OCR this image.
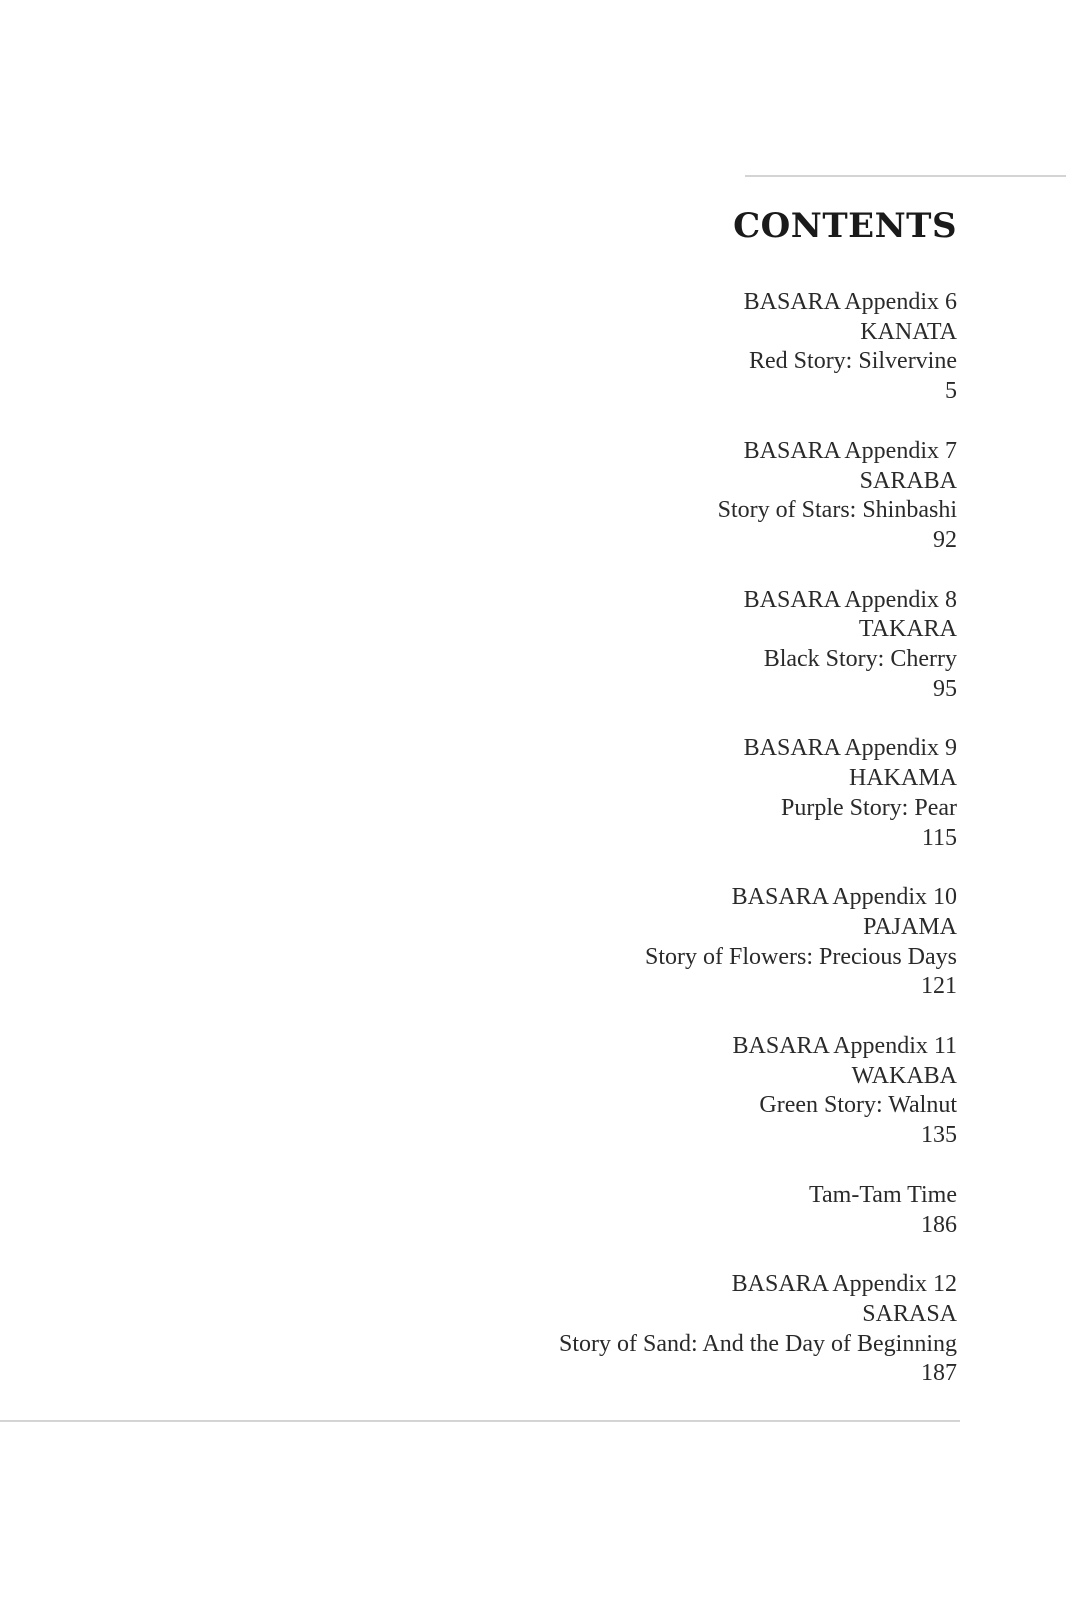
CONTENTS
BASARA Appendix 6
KANATA
Red Story: Silvervine
5
BASARA Appendix 7
SARABA
Story of Stars: Shinbashi
92
BASARA Appendix 8
TAKARA
Black Story: Cherry
95
BASARA Appendix 9
HAKAMA
Purple Story: Pear
115
BASARA Appendix 10
PAJAMA
Story of Flowers: Precious Days
121
BASARA Appendix 11
WAKABA
Green Story: Walnut
135
Tam-Tam Time
186
BASARA Appendix 12
SARASA
Story of Sand: And the Day of Beginning
187
